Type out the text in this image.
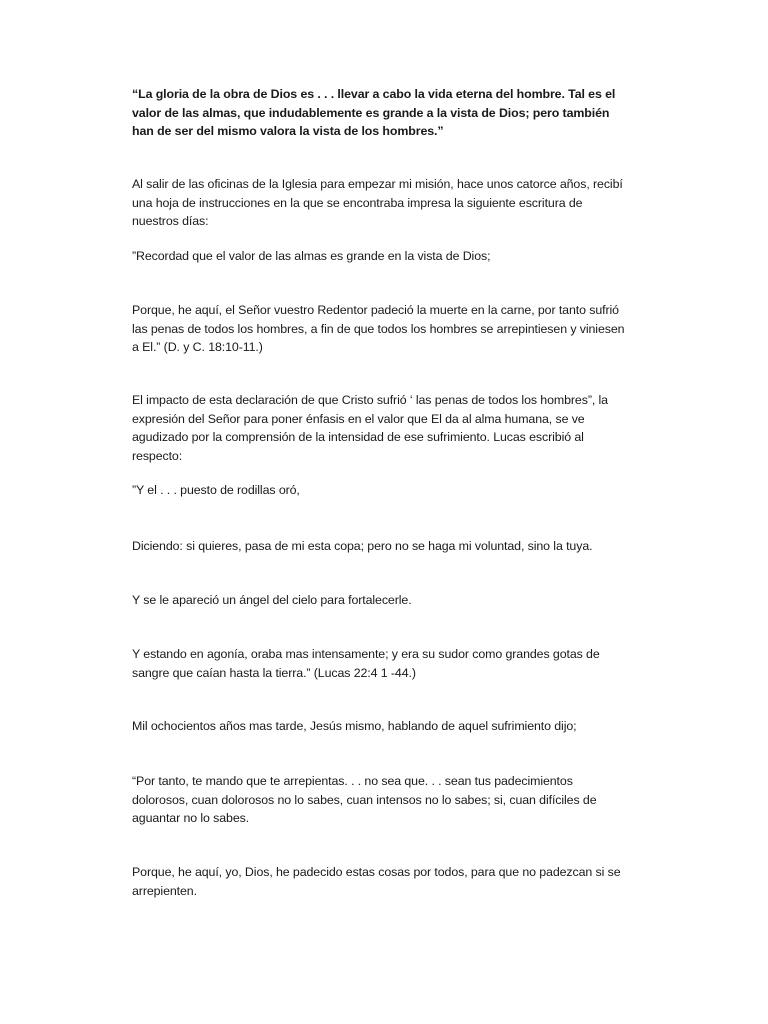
“La gloria de la obra de Dios es . . . llevar a cabo la vida eterna del hombre. Tal es el valor de las almas, que indudablemente es grande a la vista de Dios; pero también han de ser del mismo valora la vista de los hombres.”

Al salir de las oficinas de la Iglesia para empezar mi misión, hace unos catorce años, recibí una hoja de instrucciones en la que se encontraba impresa la siguiente escritura de nuestros días:

”Recordad que el valor de las almas es grande en la vista de Dios;

Porque, he aquí, el Señor vuestro Redentor padeció la muerte en la carne, por tanto sufrió las penas de todos los hombres, a fin de que todos los hombres se arrepintiesen y viniesen a El.” (D. y C. 18:10-11.)

El impacto de esta declaración de que Cristo sufrió ‘ las penas de todos los hombres”, la expresión del Señor para poner énfasis en el valor que El da al alma humana, se ve agudizado por la comprensión de la intensidad de ese sufrimiento. Lucas escribió al respecto:

”Y el . . . puesto de rodillas oró,

Diciendo: si quieres, pasa de mi esta copa; pero no se haga mi voluntad, sino la tuya.

Y se le apareció un ángel del cielo para fortalecerle.

Y estando en agonía, oraba mas intensamente; y era su sudor como grandes gotas de sangre que caían hasta la tierra.” (Lucas 22:4 1 -44.)

Mil ochocientos años mas tarde, Jesús mismo, hablando de aquel sufrimiento dijo;

“Por tanto, te mando que te arrepientas. . . no sea que. . . sean tus padecimientos dolorosos, cuan dolorosos no lo sabes, cuan intensos no lo sabes; si, cuan difíciles de aguantar no lo sabes.

Porque, he aquí, yo, Dios, he padecido estas cosas por todos, para que no padezcan si se arrepienten.
